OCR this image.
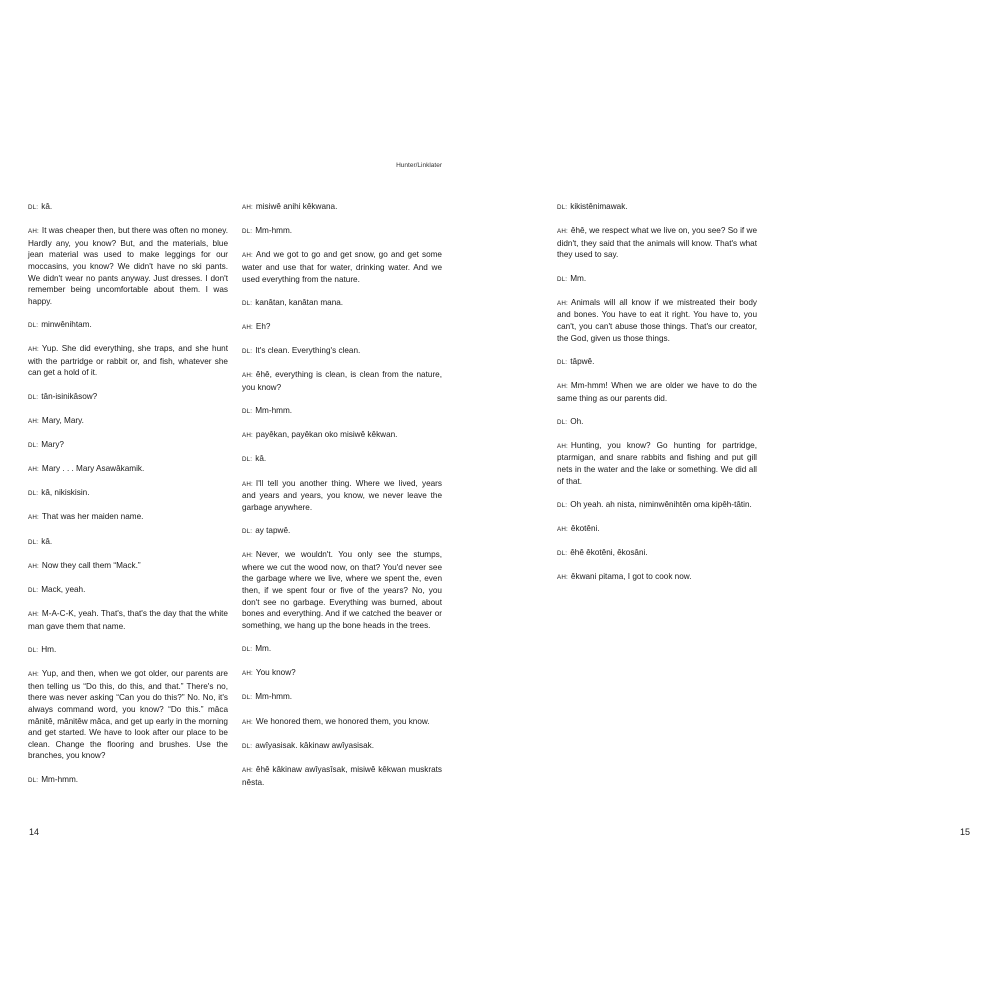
Hunter/Linklater

DL: kâ.

AH: It was cheaper then, but there was often no money. Hardly any, you know? But, and the materials, blue jean material was used to make leggings for our moccasins, you know? We didn't have no ski pants. We didn't wear no pants anyway. Just dresses. I don't remember being uncomfortable about them. I was happy.

DL: minwênihtam.

AH: Yup. She did everything, she traps, and she hunt with the partridge or rabbit or, and fish, whatever she can get a hold of it.

DL: tân-isinikâsow?

AH: Mary, Mary.

DL: Mary?

AH: Mary . . . Mary Asawâkamik.

DL: kâ, nikiskisin.

AH: That was her maiden name.

DL: kâ.

AH: Now they call them “Mack.”

DL: Mack, yeah.

AH: M-A-C-K, yeah. That's, that's the day that the white man gave them that name.

DL: Hm.

AH: Yup, and then, when we got older, our parents are then telling us “Do this, do this, and that.” There's no, there was never asking “Can you do this?” No. No, it's always command word, you know? “Do this.” mâca mânitê, mânitêw mâca, and get up early in the morning and get started. We have to look after our place to be clean. Change the flooring and brushes. Use the branches, you know?

DL: Mm-hmm.

AH: misiwê anihi kêkwana.

DL: Mm-hmm.

AH: And we got to go and get snow, go and get some water and use that for water, drinking water. And we used everything from the nature.

DL: kanâtan, kanâtan mana.

AH: Eh?

DL: It's clean. Everything's clean.

AH: êhê, everything is clean, is clean from the nature, you know?

DL: Mm-hmm.

AH: payêkan, payêkan oko misiwê kêkwan.

DL: kâ.

AH: I'll tell you another thing. Where we lived, years and years and years, you know, we never leave the garbage anywhere.

DL: ay tapwê.

AH: Never, we wouldn't. You only see the stumps, where we cut the wood now, on that? You'd never see the garbage where we live, where we spent the, even then, if we spent four or five of the years? No, you don't see no garbage. Everything was burned, about bones and everything. And if we catched the beaver or something, we hang up the bone heads in the trees.

DL: Mm.

AH: You know?

DL: Mm-hmm.

AH: We honored them, we honored them, you know.

DL: awîyasisak. kâkinaw awîyasisak.

AH: êhê kâkinaw awîyasîsak, misiwê kêkwan muskrats nêsta.

DL: kikistênimawak.

AH: êhê, we respect what we live on, you see? So if we didn't, they said that the animals will know. That's what they used to say.

DL: Mm.

AH: Animals will all know if we mistreated their body and bones. You have to eat it right. You have to, you can't, you can't abuse those things. That's our creator, the God, given us those things.

DL: tâpwê.

AH: Mm-hmm! When we are older we have to do the same thing as our parents did.

DL: Oh.

AH: Hunting, you know? Go hunting for partridge, ptarmigan, and snare rabbits and fishing and put gill nets in the water and the lake or something. We did all of that.

DL: Oh yeah. ah nista, niminwênihtên oma kipêh-tâtin.

AH: êkotêni.

DL: êhê êkotêni, êkosâni.

AH: êkwani pitama, I got to cook now.

14	15
